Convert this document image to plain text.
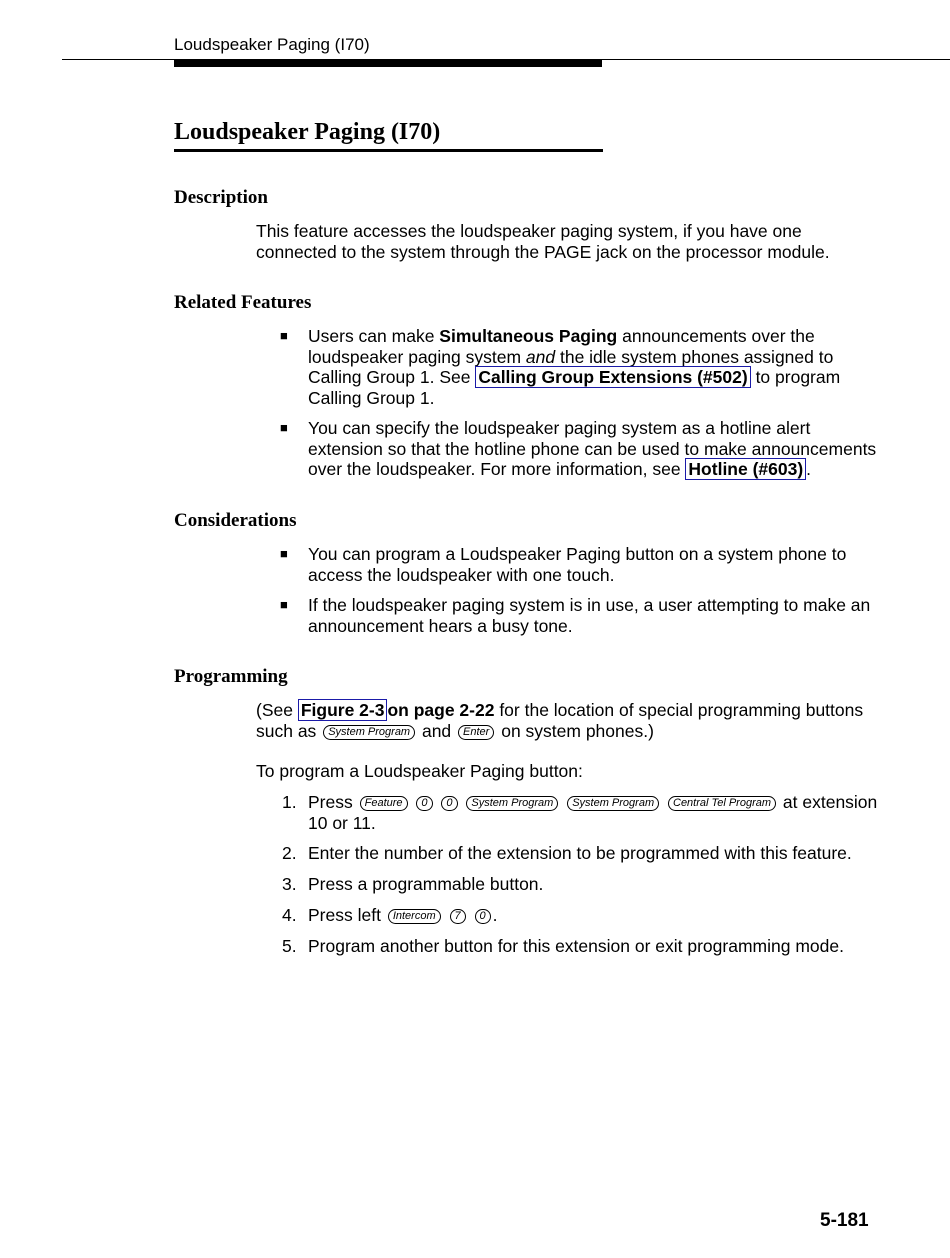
Loudspeaker Paging (I70)
Loudspeaker Paging (I70)
Description

This feature accesses the loudspeaker paging system, if you have one connected to the system through the PAGE jack on the processor module.

Related Features
■ Users can make Simultaneous Paging announcements over the loudspeaker paging system and the idle system phones assigned to Calling Group 1. See Calling Group Extensions (#502) to program Calling Group 1.
■ You can specify the loudspeaker paging system as a hotline alert extension so that the hotline phone can be used to make announcements over the loudspeaker. For more information, see Hotline (#603) .
Considerations
■ You can program a Loudspeaker Paging button on a system phone to access the loudspeaker with one touch.
■ If the loudspeaker paging system is in use, a user attempting to make an announcement hears a busy tone.
Programming

(See Figure 2-3 on page 2-22 for the location of special programming buttons such as System Program and Enter on system phones.)

To program a Loudspeaker Paging button:

1. Press Feature 0 0 System Program System Program Central Tel Program at extension 10 or 11.
2. Enter the number of the extension to be programmed with this feature.
3. Press a programmable button.
4. Press left Intercom 7 0 .
5. Program another button for this extension or exit programming mode.
5-181
